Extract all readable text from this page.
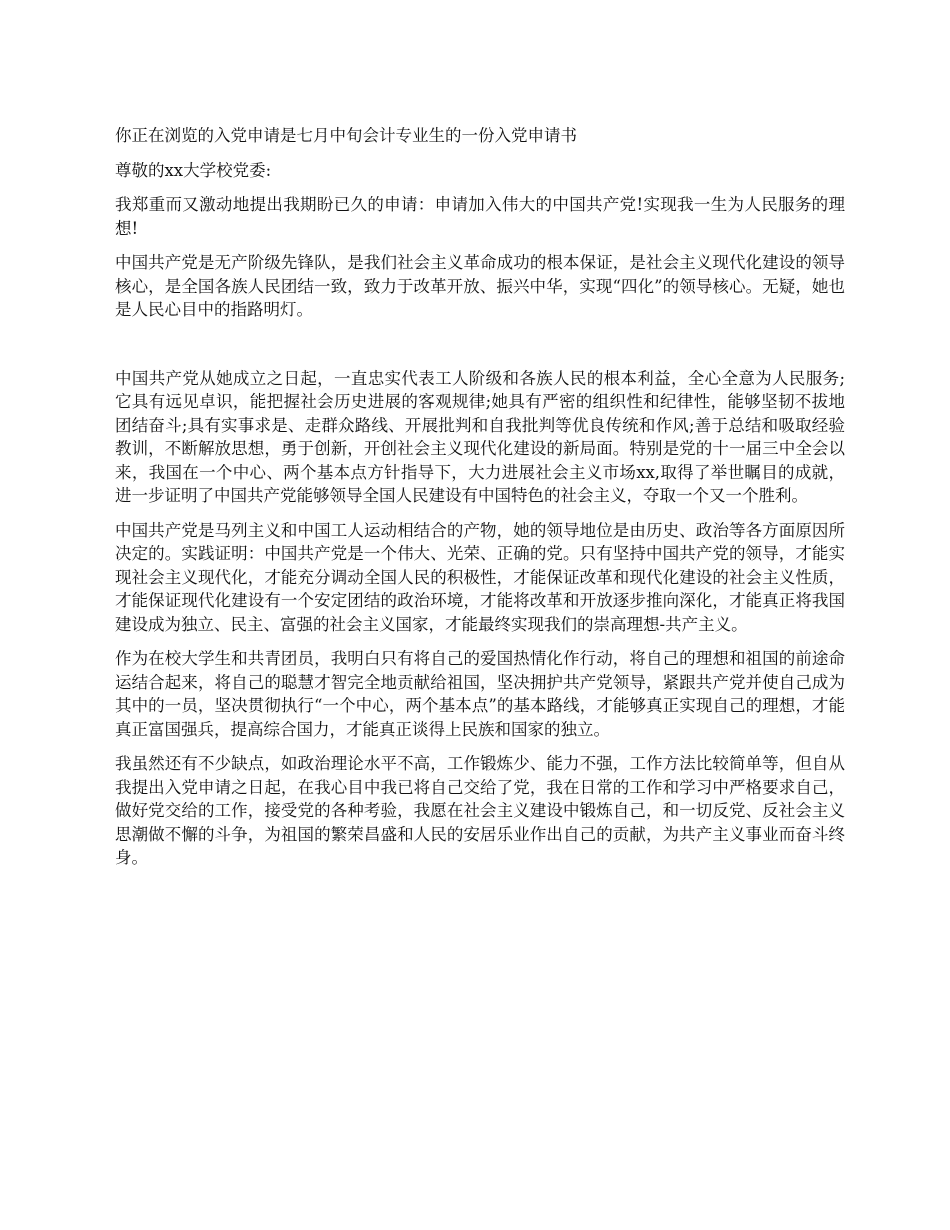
你正在浏览的入党申请是七月中旬会计专业生的一份入党申请书

尊敬的xx大学校党委:

我郑重而又激动地提出我期盼已久的申请：申请加入伟大的中国共产党!实现我一生为人民服务的理想!

中国共产党是无产阶级先锋队，是我们社会主义革命成功的根本保证，是社会主义现代化建设的领导核心，是全国各族人民团结一致，致力于改革开放、振兴中华，实现“四化”的领导核心。无疑，她也是人民心目中的指路明灯。

中国共产党从她成立之日起，一直忠实代表工人阶级和各族人民的根本利益，全心全意为人民服务;它具有远见卓识，能把握社会历史进展的客观规律;她具有严密的组织性和纪律性，能够坚韧不拔地团结奋斗;具有实事求是、走群众路线、开展批判和自我批判等优良传统和作风;善于总结和吸取经验教训，不断解放思想，勇于创新，开创社会主义现代化建设的新局面。特别是党的十一届三中全会以来，我国在一个中心、两个基本点方针指导下，大力进展社会主义市场xx,取得了举世瞩目的成就，进一步证明了中国共产党能够领导全国人民建设有中国特色的社会主义，夺取一个又一个胜利。

中国共产党是马列主义和中国工人运动相结合的产物，她的领导地位是由历史、政治等各方面原因所决定的。实践证明：中国共产党是一个伟大、光荣、正确的党。只有坚持中国共产党的领导，才能实现社会主义现代化，才能充分调动全国人民的积极性，才能保证改革和现代化建设的社会主义性质，才能保证现代化建设有一个安定团结的政治环境，才能将改革和开放逐步推向深化，才能真正将我国建设成为独立、民主、富强的社会主义国家，才能最终实现我们的崇高理想-共产主义。

作为在校大学生和共青团员，我明白只有将自己的爱国热情化作行动，将自己的理想和祖国的前途命运结合起来，将自己的聪慧才智完全地贡献给祖国，坚决拥护共产党领导，紧跟共产党并使自己成为其中的一员，坚决贯彻执行“一个中心，两个基本点”的基本路线，才能够真正实现自己的理想，才能真正富国强兵，提高综合国力，才能真正谈得上民族和国家的独立。

我虽然还有不少缺点，如政治理论水平不高，工作锻炼少、能力不强，工作方法比较简单等，但自从我提出入党申请之日起，在我心目中我已将自己交给了党，我在日常的工作和学习中严格要求自己，做好党交给的工作，接受党的各种考验，我愿在社会主义建设中锻炼自己，和一切反党、反社会主义思潮做不懈的斗争，为祖国的繁荣昌盛和人民的安居乐业作出自己的贡献，为共产主义事业而奋斗终身。
